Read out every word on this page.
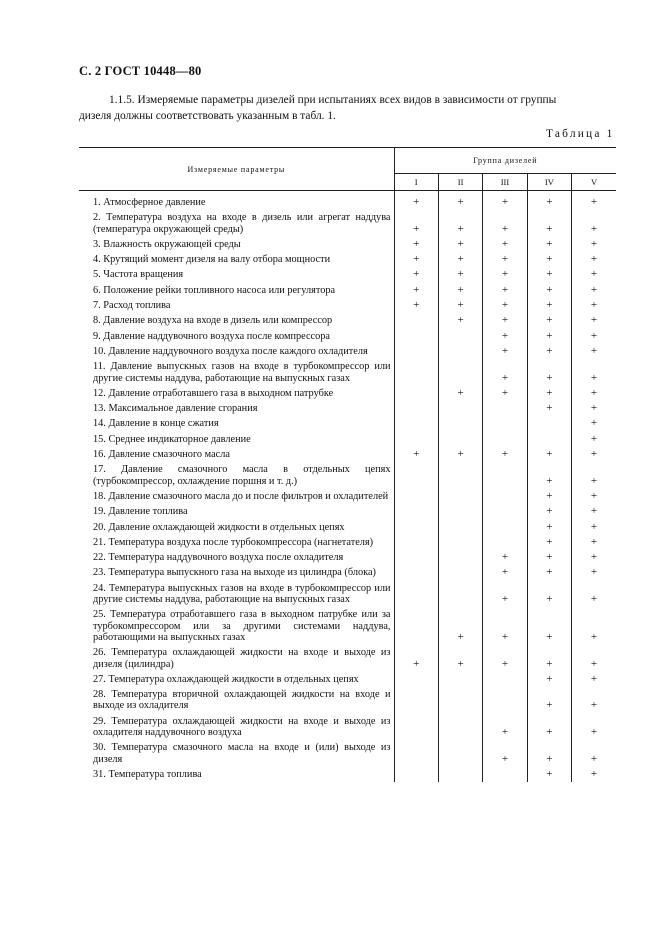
С. 2 ГОСТ 10448—80
1.1.5. Измеряемые параметры дизелей при испытаниях всех видов в зависимости от группы
дизеля должны соответствовать указанным в табл. 1.
Таблица 1
Измеряемые параметры	Группа дизелей				
	I	II	III	IV	V

1. Атмосферное давление	+	+	+	+	+

2. Температура воздуха на входе в дизель или агрегат наддува (температура окружающей среды)	+	+	+	+	+

3. Влажность окружающей среды	+	+	+	+	+

4. Крутящий момент дизеля на валу отбора мощности	+	+	+	+	+

5. Частота вращения	+	+	+	+	+

6. Положение рейки топливного насоса или регулятора	+	+	+	+	+

7. Расход топлива	+	+	+	+	+

8. Давление воздуха на входе в дизель или компрессор		+	+	+	+

9. Давление наддувочного воздуха после компрессора			+	+	+

10. Давление наддувочного воздуха после каждого охладителя			+	+	+

11. Давление выпускных газов на входе в турбокомпрессор или другие системы наддува, работающие на выпускных газах			+	+	+

12. Давление отработавшего газа в выходном патрубке		+	+	+	+

13. Максимальное давление сгорания				+	+

14. Давление в конце сжатия					+

15. Среднее индикаторное давление					+

16. Давление смазочного масла	+	+	+	+	+

17. Давление смазочного масла в отдельных цепях (турбокомпрессор, охлаждение поршня и т. д.)				+	+

18. Давление смазочного масла до и после фильтров и охладителей				+	+

19. Давление топлива				+	+

20. Давление охлаждающей жидкости в отдельных цепях				+	+

21. Температура воздуха после турбокомпрессора (нагнетателя)				+	+

22. Температура наддувочного воздуха после охладителя			+	+	+

23. Температура выпускного газа на выходе из цилиндра (блока)			+	+	+

24. Температура выпускных газов на входе в турбокомпрессор или другие системы наддува, работающие на выпускных газах			+	+	+

25. Температура отработавшего газа в выходном патрубке или за турбокомпрессором или за другими системами наддува, работающими на выпускных газах		+	+	+	+

26. Температура охлаждающей жидкости на входе и выходе из дизеля (цилиндра)	+	+	+	+	+

27. Температура охлаждающей жидкости в отдельных цепях				+	+

28. Температура вторичной охлаждающей жидкости на входе и выходе из охладителя				+	+

29. Температура охлаждающей жидкости на входе и выходе из охладителя наддувочного воздуха			+	+	+

30. Температура смазочного масла на входе и (или) выходе из дизеля			+	+	+

31. Температура топлива				+	+
